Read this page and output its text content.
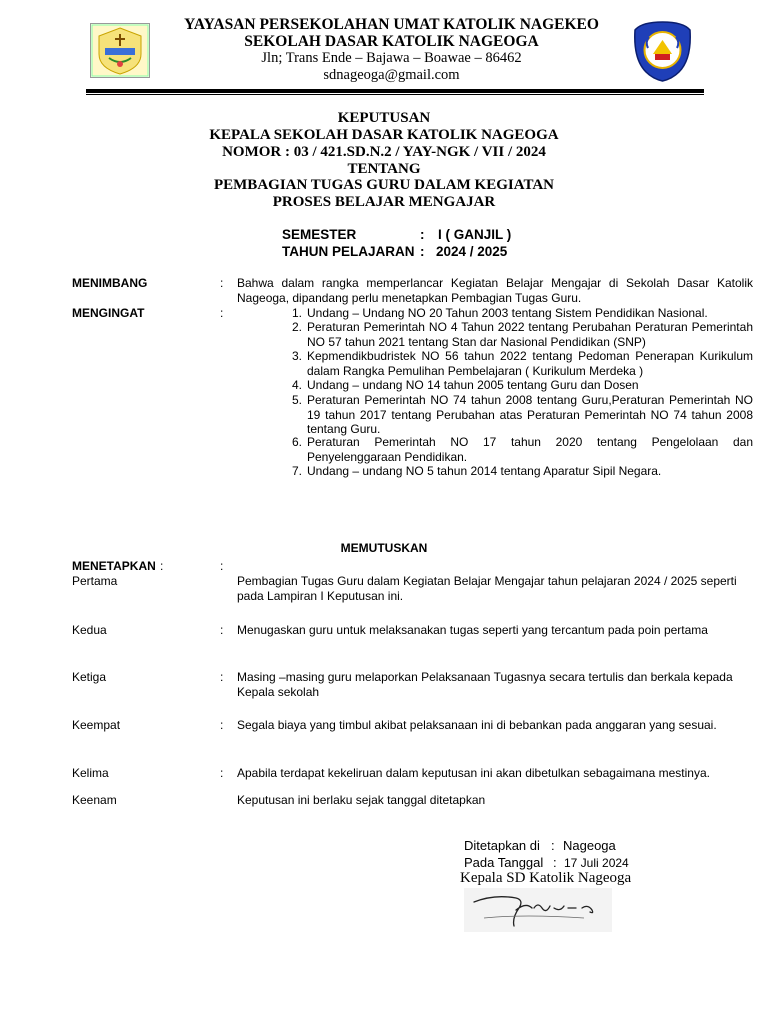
YAYASAN PERSEKOLAHAN UMAT KATOLIK NAGEKEO
SEKOLAH DASAR KATOLIK NAGEOGA
Jln; Trans Ende – Bajawa – Boawae – 86462
sdnageoga@gmail.com
KEPUTUSAN
KEPALA SEKOLAH DASAR KATOLIK NAGEOGA
NOMOR : 03 / 421.SD.N.2 / YAY-NGK / VII / 2024
TENTANG
PEMBAGIAN TUGAS GURU DALAM KEGIATAN
PROSES BELAJAR MENGAJAR
SEMESTER	: I ( GANJIL )
TAHUN PELAJARAN : 2024 / 2025
MENIMBANG	: Bahwa dalam rangka memperlancar Kegiatan Belajar Mengajar di Sekolah Dasar Katolik Nageoga, dipandang perlu menetapkan Pembagian Tugas Guru.
MENGINGAT	:	1. Undang – Undang NO 20 Tahun 2003 tentang Sistem Pendidikan Nasional.
2. Peraturan Pemerintah NO 4 Tahun 2022 tentang Perubahan Peraturan Pemerintah NO 57 tahun 2021 tentang Stan dar Nasional Pendidikan (SNP)
3. Kepmendikbudristek NO 56 tahun 2022 tentang Pedoman Penerapan Kurikulum dalam Rangka Pemulihan Pembelajaran ( Kurikulum Merdeka )
4. Undang – undang NO 14 tahun 2005 tentang Guru dan Dosen
5. Peraturan Pemerintah NO 74 tahun 2008 tentang Guru,Peraturan Pemerintah NO 19 tahun 2017 tentang Perubahan atas Peraturan Pemerintah NO 74 tahun 2008 tentang Guru.
6. Peraturan Pemerintah NO 17 tahun 2020 tentang Pengelolaan dan Penyelenggaraan Pendidikan.
7. Undang – undang NO 5 tahun 2014 tentang Aparatur Sipil Negara.
MEMUTUSKAN
MENETAPKAN :	:
Pertama	Pembagian Tugas Guru dalam Kegiatan Belajar Mengajar tahun pelajaran 2024 / 2025 seperti pada Lampiran I Keputusan ini.
Kedua	: Menugaskan guru untuk melaksanakan tugas seperti yang tercantum pada poin pertama
Ketiga	: Masing –masing guru melaporkan Pelaksanaan Tugasnya secara tertulis dan berkala kepada Kepala sekolah
Keempat	: Segala biaya yang timbul akibat pelaksanaan ini di bebankan pada anggaran yang sesuai.
Kelima	: Apabila terdapat kekeliruan dalam keputusan ini akan dibetulkan sebagaimana mestinya.
Keenam	Keputusan ini berlaku sejak tanggal ditetapkan
Ditetapkan di : Nageoga
Pada Tanggal : 17 Juli 2024
Kepala SD Katolik Nageoga
